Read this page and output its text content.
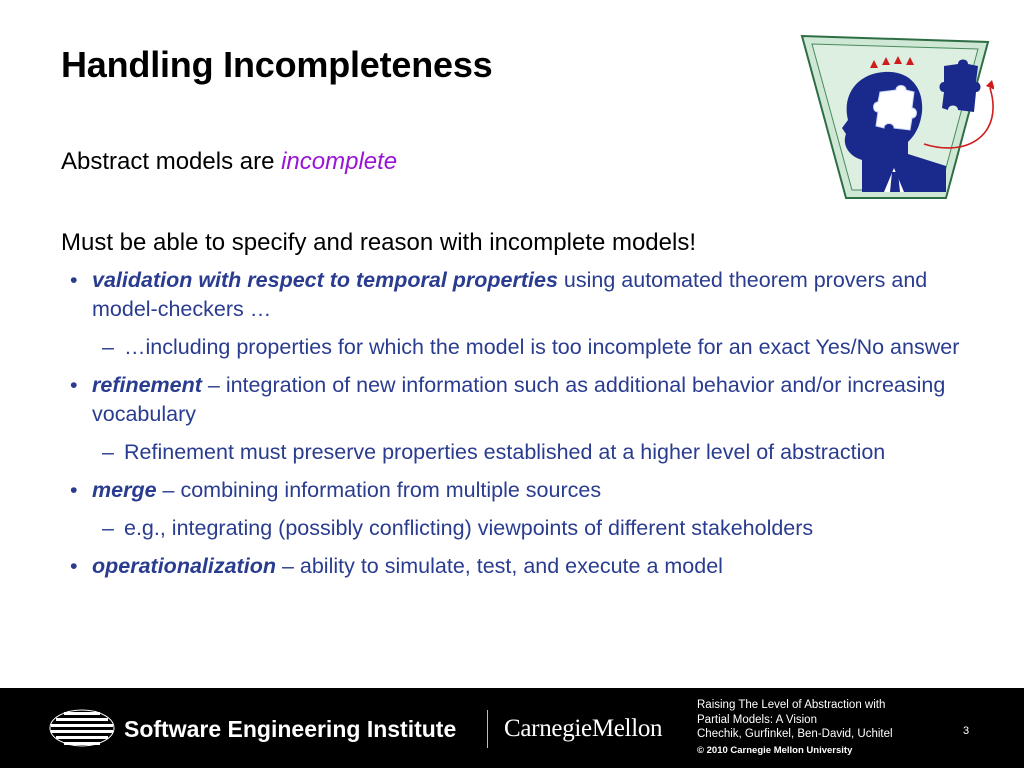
Handling Incompleteness
Abstract models are incomplete
Must be able to specify and reason with incomplete models!
• validation with respect to temporal properties using automated theorem provers and model-checkers …
– …including properties for which the model is too incomplete for an exact Yes/No answer
• refinement – integration of new information such as additional behavior and/or increasing vocabulary
– Refinement must preserve properties established at a higher level of abstraction
• merge – combining information from multiple sources
– e.g., integrating (possibly conflicting) viewpoints of different stakeholders
• operationalization – ability to simulate, test, and execute a model
Software Engineering Institute CarnegieMellon
Raising The Level of Abstraction with
Partial Models: A Vision
Chechik, Gurfinkel, Ben-David, Uchitel
© 2010 Carnegie Mellon University
3
